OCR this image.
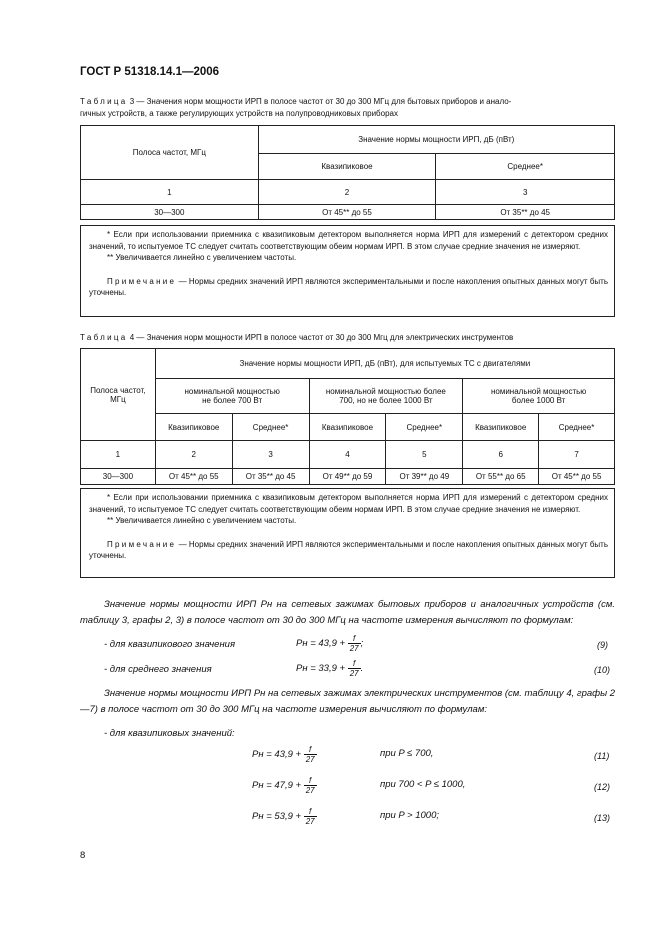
ГОСТ Р 51318.14.1—2006
Таблица 3 — Значения норм мощности ИРП в полосе частот от 30 до 300 МГц для бытовых приборов и анало-
гичных устройств, а также регулирующих устройств на полупроводниковых приборах
Полоса частот, МГц	Значение нормы мощности ИРП, дБ (пВт)	
	Квазипиковое	Среднее*
1	2	3
30—300	От 45** до 55	От 35** до 45

* Если при использовании приемника с квазипиковым детектором выполняется норма ИРП для измерений с детектором средних значений, то испытуемое ТС следует считать соответствующим обеим нормам ИРП. В этом случае средние значения не измеряют.

** Увеличивается линейно с увеличением частоты.

Примечание — Нормы средних значений ИРП являются экспериментальными и после накопления опытных данных могут быть уточнены.

Таблица 4 — Значения норм мощности ИРП в полосе частот от 30 до 300 Мгц для электрических инструментов
Полоса частот,
МГц	Значение нормы мощности ИРП, дБ (пВт), для испытуемых ТС с двигателями					
	номинальной мощностью
не более 700 Вт		номинальной мощностью более
700, но не более 1000 Вт		номинальной мощностью
более 1000 Вт	
	Квазипиковое	Среднее*	Квазипиковое	Среднее*	Квазипиковое	Среднее*
1	2	3	4	5	6	7
30—300	От 45** до 55	От 35** до 45	От 49** до 59	От 39** до 49	От 55** до 65	От 45** до 55

* Если при использовании приемника с квазипиковым детектором выполняется норма ИРП для измерений с детектором средних значений, то испытуемое ТС следует считать соответствующим обеим нормам ИРП. В этом случае средние значения не измеряют.

** Увеличивается линейно с увеличением частоты.

Примечание — Нормы средних значений ИРП являются экспериментальными и после накопления опытных данных могут быть уточнены.

Значение нормы мощности ИРП Pн на сетевых зажимах бытовых приборов и аналогичных устройств (см. таблицу 3, графы 2, 3) в полосе частот от 30 до 300 МГц на частоте измерения вычисляют по формулам:
- для квазипикового значения	Pн = $43,9 + \frac{f}{27}$ ;	(9)
- для среднего значения	Pн = $33,9 + \frac{f}{27}$ .	(10)
Значение нормы мощности ИРП Pн на сетевых зажимах электрических инструментов (см. таблицу 4, графы 2—7) в полосе частот от 30 до 300 МГц на частоте измерения вычисляют по формулам:
- для квазипиковых значений:
Pн = $43,9 + \frac{f}{27}$	при P ≤ 700,	(11)
Pн = $47,9 + \frac{f}{27}$	при 700 < P ≤ 1000,	(12)
Pн = $53,9 + \frac{f}{27}$	при P > 1000;	(13)
8
